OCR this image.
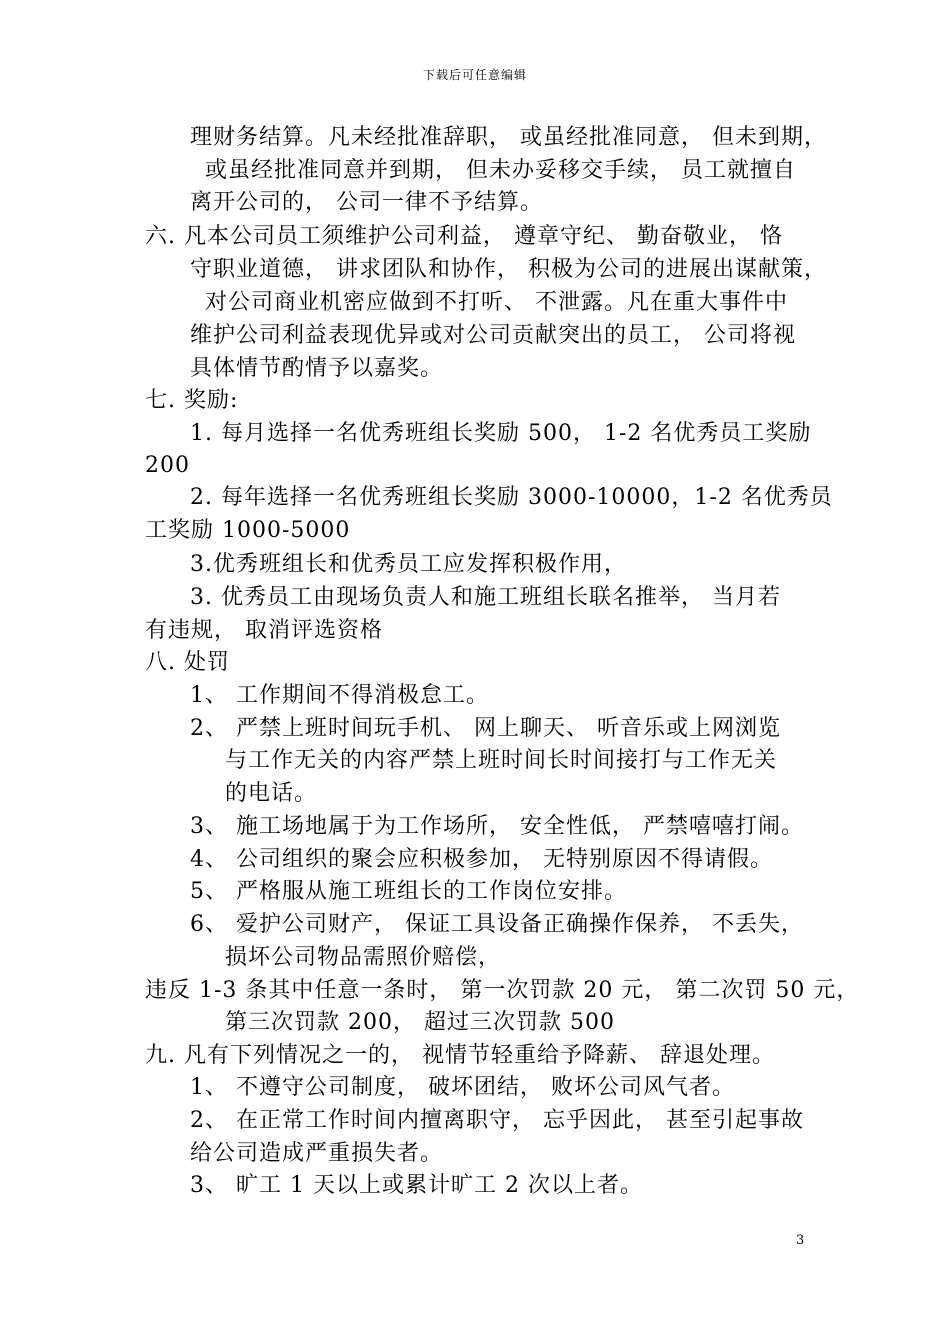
下载后可任意编辑
理财务结算。凡未经批准辞职， 或虽经批准同意， 但未到期，
或虽经批准同意并到期， 但未办妥移交手续， 员工就擅自
离开公司的， 公司一律不予结算。
六. 凡本公司员工须维护公司利益， 遵章守纪、 勤奋敬业， 恪
守职业道德， 讲求团队和协作， 积极为公司的进展出谋献策，
对公司商业机密应做到不打听、 不泄露。凡在重大事件中
维护公司利益表现优异或对公司贡献突出的员工， 公司将视
具体情节酌情予以嘉奖。
七. 奖励:
1. 每月选择一名优秀班组长奖励 500， 1-2 名优秀员工奖励
200
2. 每年选择一名优秀班组长奖励 3000-10000，1-2 名优秀员
工奖励 1000-5000
3.优秀班组长和优秀员工应发挥积极作用，
3. 优秀员工由现场负责人和施工班组长联名推举， 当月若
有违规， 取消评选资格
八. 处罚
1、 工作期间不得消极怠工。
2、 严禁上班时间玩手机、 网上聊天、 听音乐或上网浏览
与工作无关的内容严禁上班时间长时间接打与工作无关
的电话。
3、 施工场地属于为工作场所， 安全性低， 严禁嘻嘻打闹。
4、 公司组织的聚会应积极参加， 无特别原因不得请假。
5、 严格服从施工班组长的工作岗位安排。
6、 爱护公司财产， 保证工具设备正确操作保养， 不丢失，
损坏公司物品需照价赔偿，
违反 1-3 条其中任意一条时， 第一次罚款 20 元， 第二次罚 50 元，
第三次罚款 200， 超过三次罚款 500
九. 凡有下列情况之一的， 视情节轻重给予降薪、 辞退处理。
1、 不遵守公司制度， 破坏团结， 败坏公司风气者。
2、 在正常工作时间内擅离职守， 忘乎因此， 甚至引起事故
给公司造成严重损失者。
3、 旷工 1 天以上或累计旷工 2 次以上者。
3
